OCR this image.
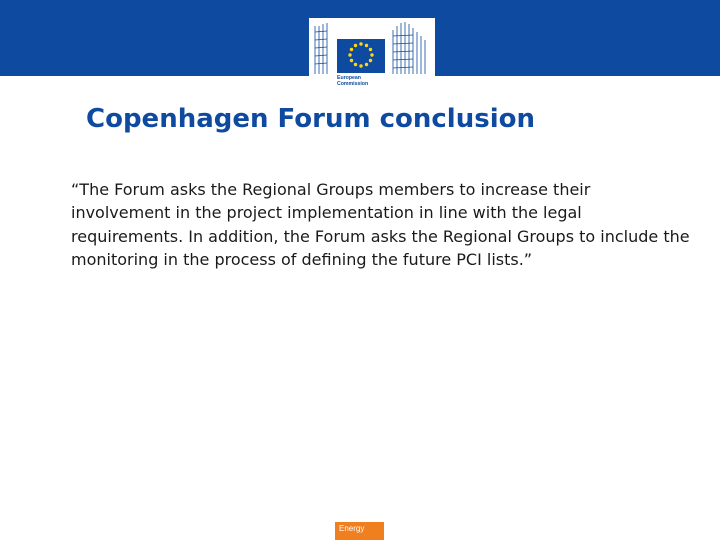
European
Commission
Copenhagen Forum conclusion

“The Forum asks the Regional Groups members to increase their involvement in the project implementation in line with the legal requirements. In addition, the Forum asks the Regional Groups to include the monitoring in the process of defining the future PCI lists.”

Energy
